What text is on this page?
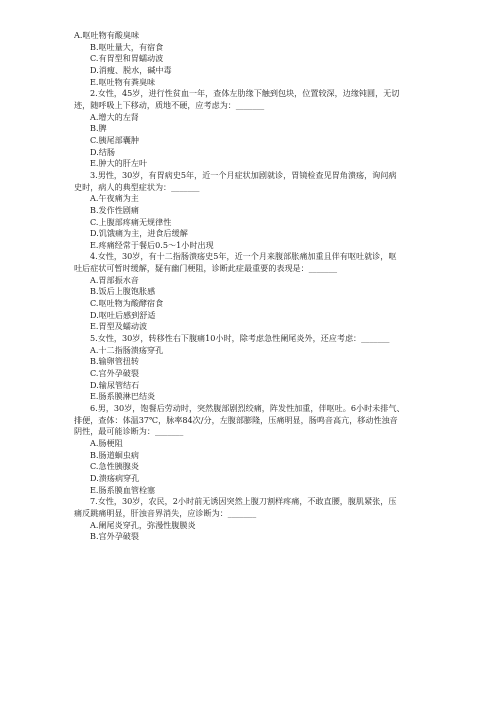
A.呕吐物有酸臭味
B.呕吐量大，有宿食
C.有胃型和胃蠕动波
D.消瘦、脱水，碱中毒
E.呕吐物有粪臭味
2.女性，45岁，进行性贫血一年，查体左肋缘下触到包块，位置较深，边缘钝圆，无切
迹，随呼吸上下移动，质地不硬，应考虑为：_______
A.增大的左肾
B.脾
C.胰尾部囊肿
D.结肠
E.肿大的肝左叶
3.男性，30岁，有胃病史5年，近一个月症状加剧就诊，胃镜检查见胃角溃疡，询问病
史时，病人的典型症状为：_______
A.午夜痛为主
B.发作性剧痛
C.上腹部疼痛无规律性
D.饥饿痛为主，进食后缓解
E.疼痛经常于餐后0.5～1小时出现
4.女性，30岁，有十二指肠溃疡史5年，近一个月来腹部胀痛加重且伴有呕吐就诊，呕
吐后症状可暂时缓解，疑有幽门梗阻，诊断此症最重要的表现是：_______
A.胃部振水音
B.饭后上腹饱胀感
C.呕吐物为酸酵宿食
D.呕吐后感到舒适
E.胃型及蠕动波
5.女性，30岁，转移性右下腹痛10小时，除考虑急性阑尾炎外，还应考虑：_______
A.十二指肠溃疡穿孔
B.输卵管扭转
C.宫外孕破裂
D.输尿管结石
E.肠系膜淋巴结炎
6.男，30岁，饱餐后劳动时，突然腹部剧烈绞痛，阵发性加重，伴呕吐。6小时未排气、
排便，查体：体温37℃，脉率84次/分，左腹部膨隆，压痛明显，肠鸣音高亢，移动性浊音
阴性，最可能诊断为：_______
A.肠梗阻
B.肠道蛔虫病
C.急性胰腺炎
D.溃疡病穿孔
E.肠系膜血管栓塞
7.女性，30岁，农民，2小时前无诱因突然上腹刀割样疼痛，不敢直腰，腹肌紧张，压
痛反跳痛明显，肝浊音界消失，应诊断为：_______
A.阑尾炎穿孔，弥漫性腹膜炎
B.宫外孕破裂
